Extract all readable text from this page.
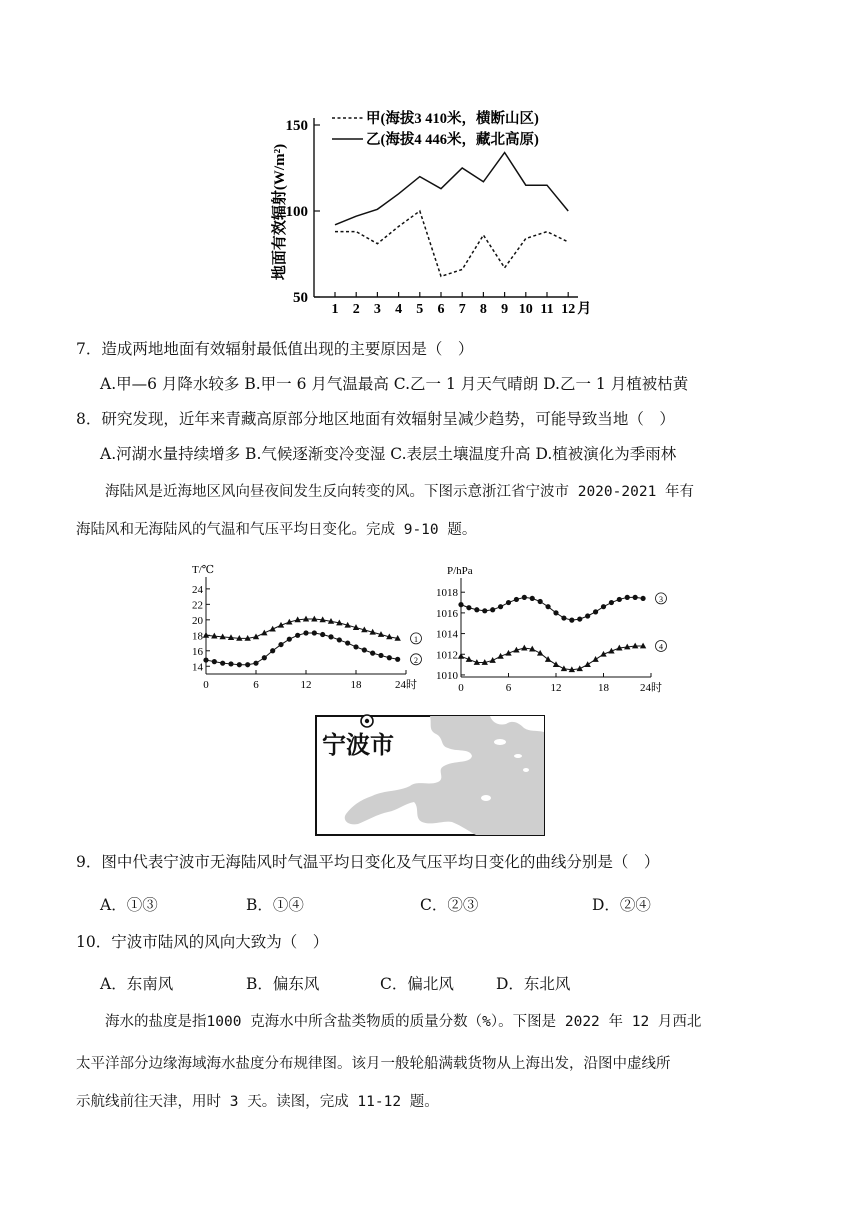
150
100
50
1 2 3 4 5 6 7 8 9 10 11 12 月
地面有效辐射(W/m²)
甲(海拔3 410米，横断山区)
乙(海拔4 446米，藏北高原)
7．造成两地地面有效辐射最低值出现的主要原因是（　）
A.甲—6 月降水较多 B.甲一 6 月气温最高 C.乙一 1 月天气晴朗 D.乙一 1 月植被枯黄
8．研究发现，近年来青藏高原部分地区地面有效辐射呈减少趋势，可能导致当地（　）
A.河湖水量持续增多 B.气候逐渐变冷变湿 C.表层土壤温度升高 D.植被演化为季雨林
海陆风是近海地区风向昼夜间发生反向转变的风。下图示意浙江省宁波市 2020-2021 年有
海陆风和无海陆风的气温和气压平均日变化。完成 9-10 题。
24
22
20
18
16
14
0	6	12	18	24时
T/℃
1
2
1018
1016
1014
1012
1010
0	6	12	18	24时
P/hPa
3
4
宁波市
9．图中代表宁波市无海陆风时气温平均日变化及气压平均日变化的曲线分别是（　）
A．①③	B．①④	C．②③	D．②④
10．宁波市陆风的风向大致为（　）
A．东南风	B．偏东风	C．偏北风	D．东北风
海水的盐度是指1000 克海水中所含盐类物质的质量分数（%）。下图是 2022 年 12 月西北
太平洋部分边缘海域海水盐度分布规律图。该月一般轮船满载货物从上海出发，沿图中虚线所
示航线前往天津，用时 3 天。读图，完成 11-12 题。
